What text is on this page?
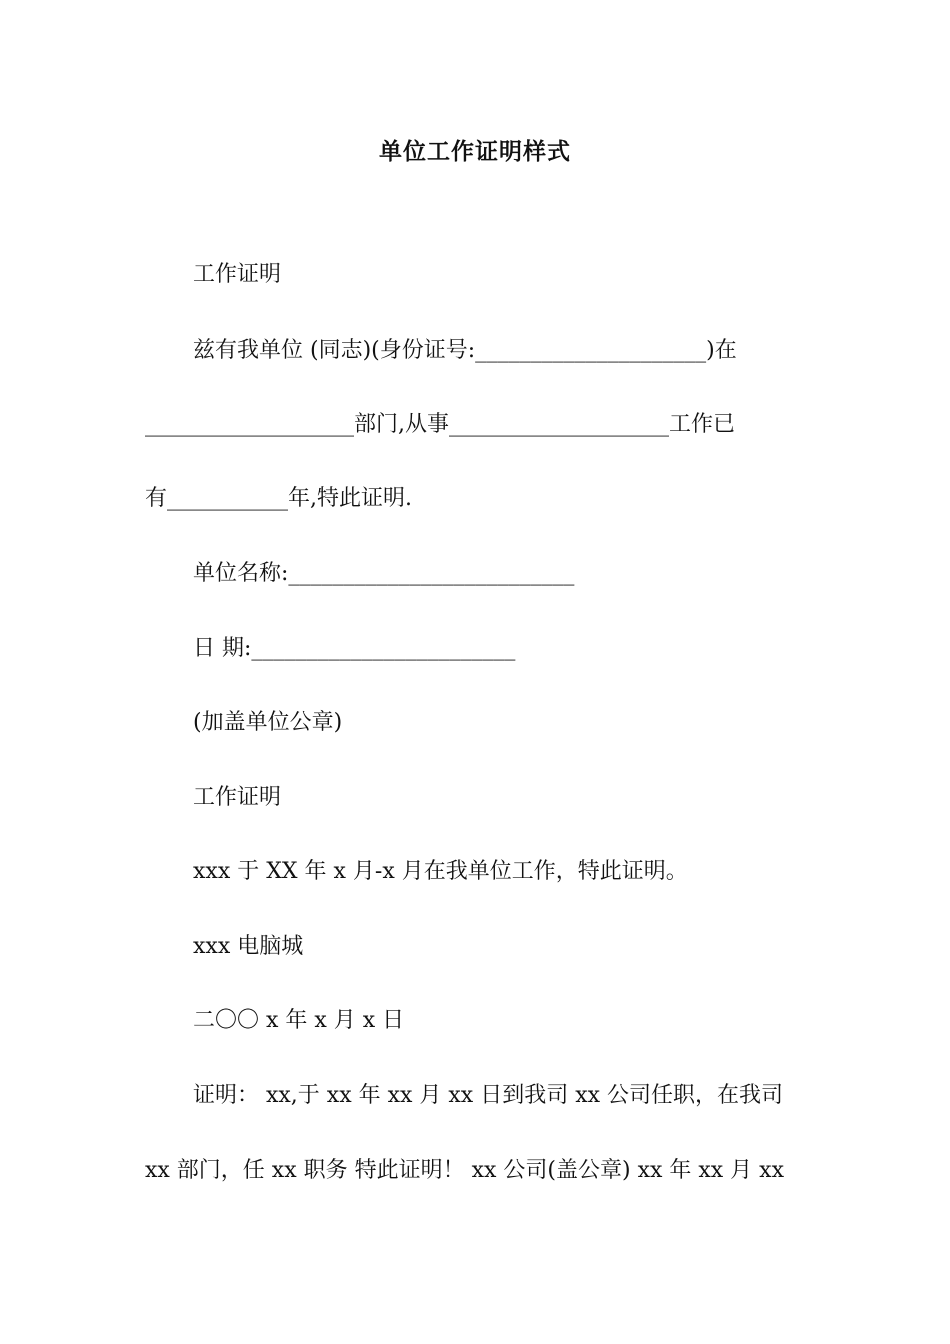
单位工作证明样式
工作证明
兹有我单位 (同志)(身份证号:_____________________)在
___________________部门,从事____________________工作已
有___________年,特此证明.
单位名称:__________________________
日 期:________________________
(加盖单位公章)
工作证明
xxx 于 XX 年 x 月-x 月在我单位工作，特此证明。
xxx 电脑城
二〇〇 x 年 x 月 x 日
证明： xx,于 xx 年 xx 月 xx 日到我司 xx 公司任职，在我司
xx 部门，任 xx 职务 特此证明！ xx 公司(盖公章) xx 年 xx 月 xx
